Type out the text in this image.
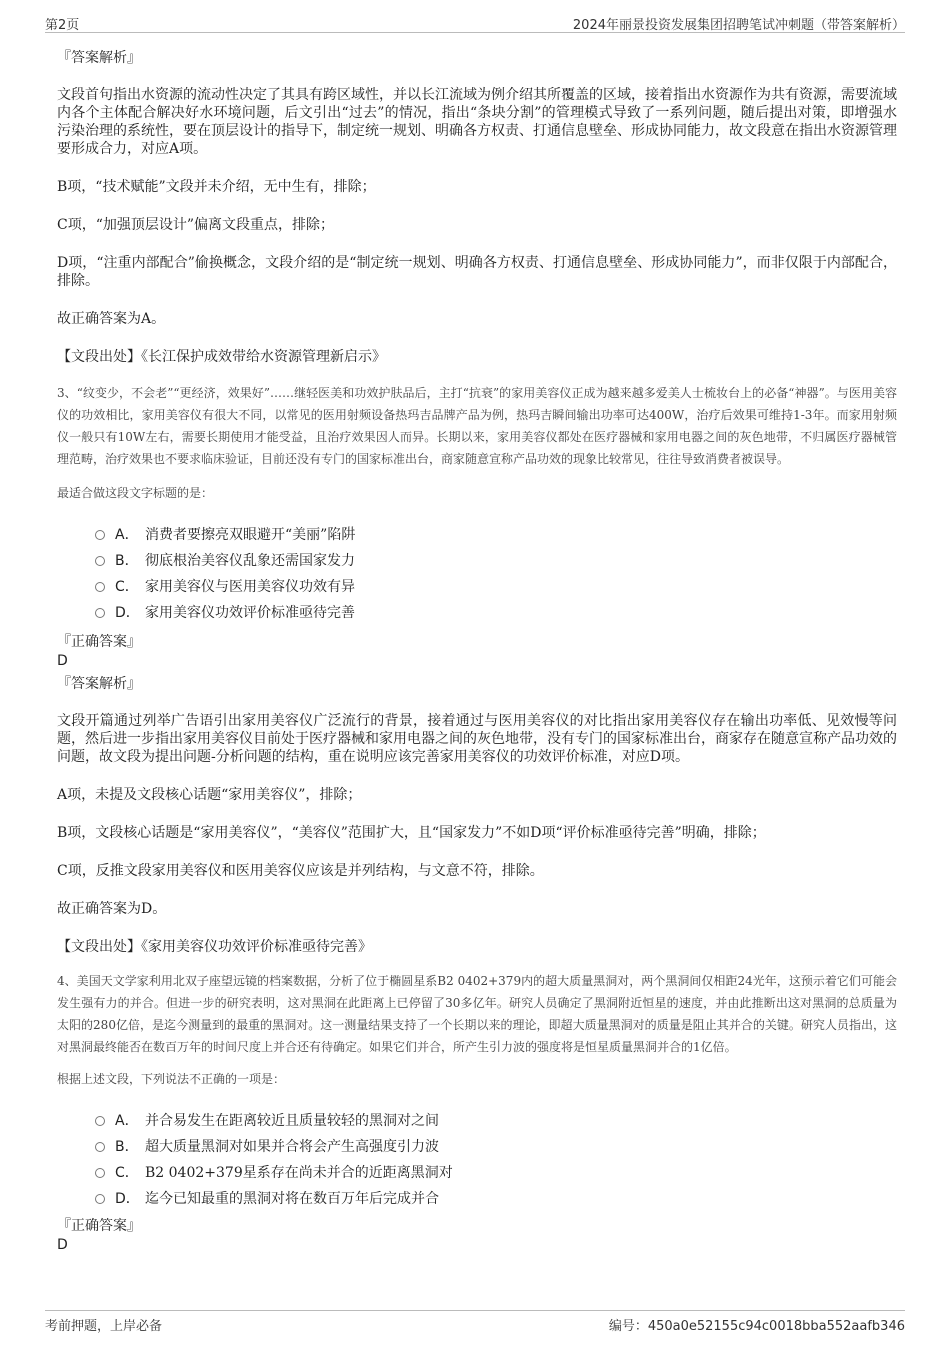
第2页	2024年丽景投资发展集团招聘笔试冲刺题（带答案解析）
『答案解析』

文段首句指出水资源的流动性决定了其具有跨区域性，并以长江流域为例介绍其所覆盖的区域，接着指出水资源作为共有资源，需要流域内各个主体配合解决好水环境问题，后文引出“过去”的情况，指出“条块分割”的管理模式导致了一系列问题，随后提出对策，即增强水污染治理的系统性，要在顶层设计的指导下，制定统一规划、明确各方权责、打通信息壁垒、形成协同能力，故文段意在指出水资源管理要形成合力，对应A项。

B项，“技术赋能”文段并未介绍，无中生有，排除；

C项，“加强顶层设计”偏离文段重点，排除；

D项，“注重内部配合”偷换概念，文段介绍的是“制定统一规划、明确各方权责、打通信息壁垒、形成协同能力”，而非仅限于内部配合，排除。

故正确答案为A。

【文段出处】《长江保护成效带给水资源管理新启示》

3、“纹变少，不会老”“更经济，效果好”……继轻医美和功效护肤品后，主打“抗衰”的家用美容仪正成为越来越多爱美人士梳妆台上的必备“神器”。与医用美容仪的功效相比，家用美容仪有很大不同，以常见的医用射频设备热玛吉品牌产品为例，热玛吉瞬间输出功率可达400W，治疗后效果可维持1-3年。而家用射频仪一般只有10W左右，需要长期使用才能受益，且治疗效果因人而异。长期以来，家用美容仪都处在医疗器械和家用电器之间的灰色地带，不归属医疗器械管理范畴，治疗效果也不要求临床验证，目前还没有专门的国家标准出台，商家随意宣称产品功效的现象比较常见，往往导致消费者被误导。

最适合做这段文字标题的是：

A． 消费者要擦亮双眼避开“美丽”陷阱
B． 彻底根治美容仪乱象还需国家发力
C． 家用美容仪与医用美容仪功效有异
D． 家用美容仪功效评价标准亟待完善
『正确答案』
D
『答案解析』

文段开篇通过列举广告语引出家用美容仪广泛流行的背景，接着通过与医用美容仪的对比指出家用美容仪存在输出功率低、见效慢等问题，然后进一步指出家用美容仪目前处于医疗器械和家用电器之间的灰色地带，没有专门的国家标准出台，商家存在随意宣称产品功效的问题，故文段为提出问题-分析问题的结构，重在说明应该完善家用美容仪的功效评价标准，对应D项。

A项，未提及文段核心话题“家用美容仪”，排除；

B项，文段核心话题是“家用美容仪”，“美容仪”范围扩大，且“国家发力”不如D项“评价标准亟待完善”明确，排除；

C项，反推文段家用美容仪和医用美容仪应该是并列结构，与文意不符，排除。

故正确答案为D。

【文段出处】《家用美容仪功效评价标准亟待完善》

4、美国天文学家利用北双子座望远镜的档案数据，分析了位于椭圆星系B2 0402+379内的超大质量黑洞对，两个黑洞间仅相距24光年，这预示着它们可能会发生强有力的并合。但进一步的研究表明，这对黑洞在此距离上已停留了30多亿年。研究人员确定了黑洞附近恒星的速度，并由此推断出这对黑洞的总质量为太阳的280亿倍，是迄今测量到的最重的黑洞对。这一测量结果支持了一个长期以来的理论，即超大质量黑洞对的质量是阻止其并合的关键。研究人员指出，这对黑洞最终能否在数百万年的时间尺度上并合还有待确定。如果它们并合，所产生引力波的强度将是恒星质量黑洞并合的1亿倍。

根据上述文段，下列说法不正确的一项是：

A． 并合易发生在距离较近且质量较轻的黑洞对之间
B． 超大质量黑洞对如果并合将会产生高强度引力波
C． B2 0402+379星系存在尚未并合的近距离黑洞对
D． 迄今已知最重的黑洞对将在数百万年后完成并合
『正确答案』
D
考前押题，上岸必备	编号：450a0e52155c94c0018bba552aafb346
